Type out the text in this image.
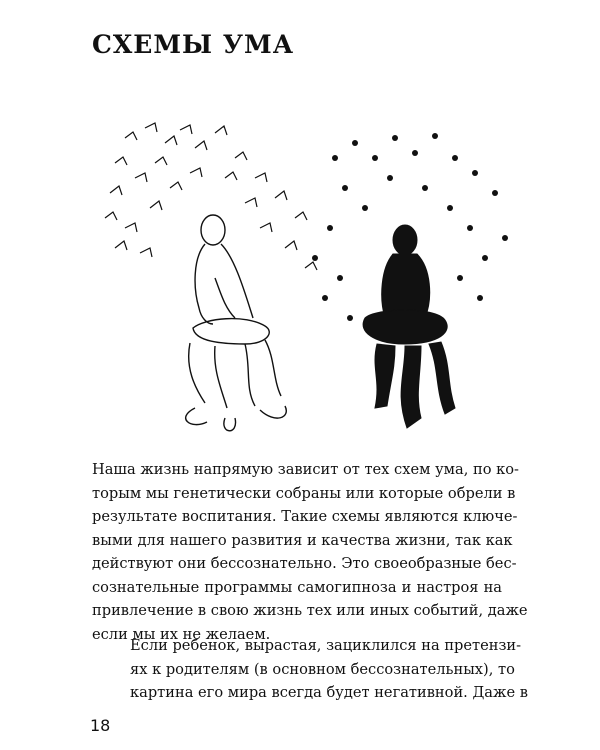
СХЕМЫ УМА
Наша жизнь напрямую зависит от тех схем ума, по ко-
торым мы генетически собраны или которые обрели в
результате воспитания. Такие схемы являются ключе-
выми для нашего развития и качества жизни, так как
действуют они бессознательно. Это своеобразные бес-
сознательные программы самогипноза и настроя на
привлечение в свою жизнь тех или иных событий, даже
если мы их не желаем.
Если ребенок, вырастая, зациклился на претензи-
ях к родителям (в основном бессознательных), то
картина его мира всегда будет негативной. Даже в
18
